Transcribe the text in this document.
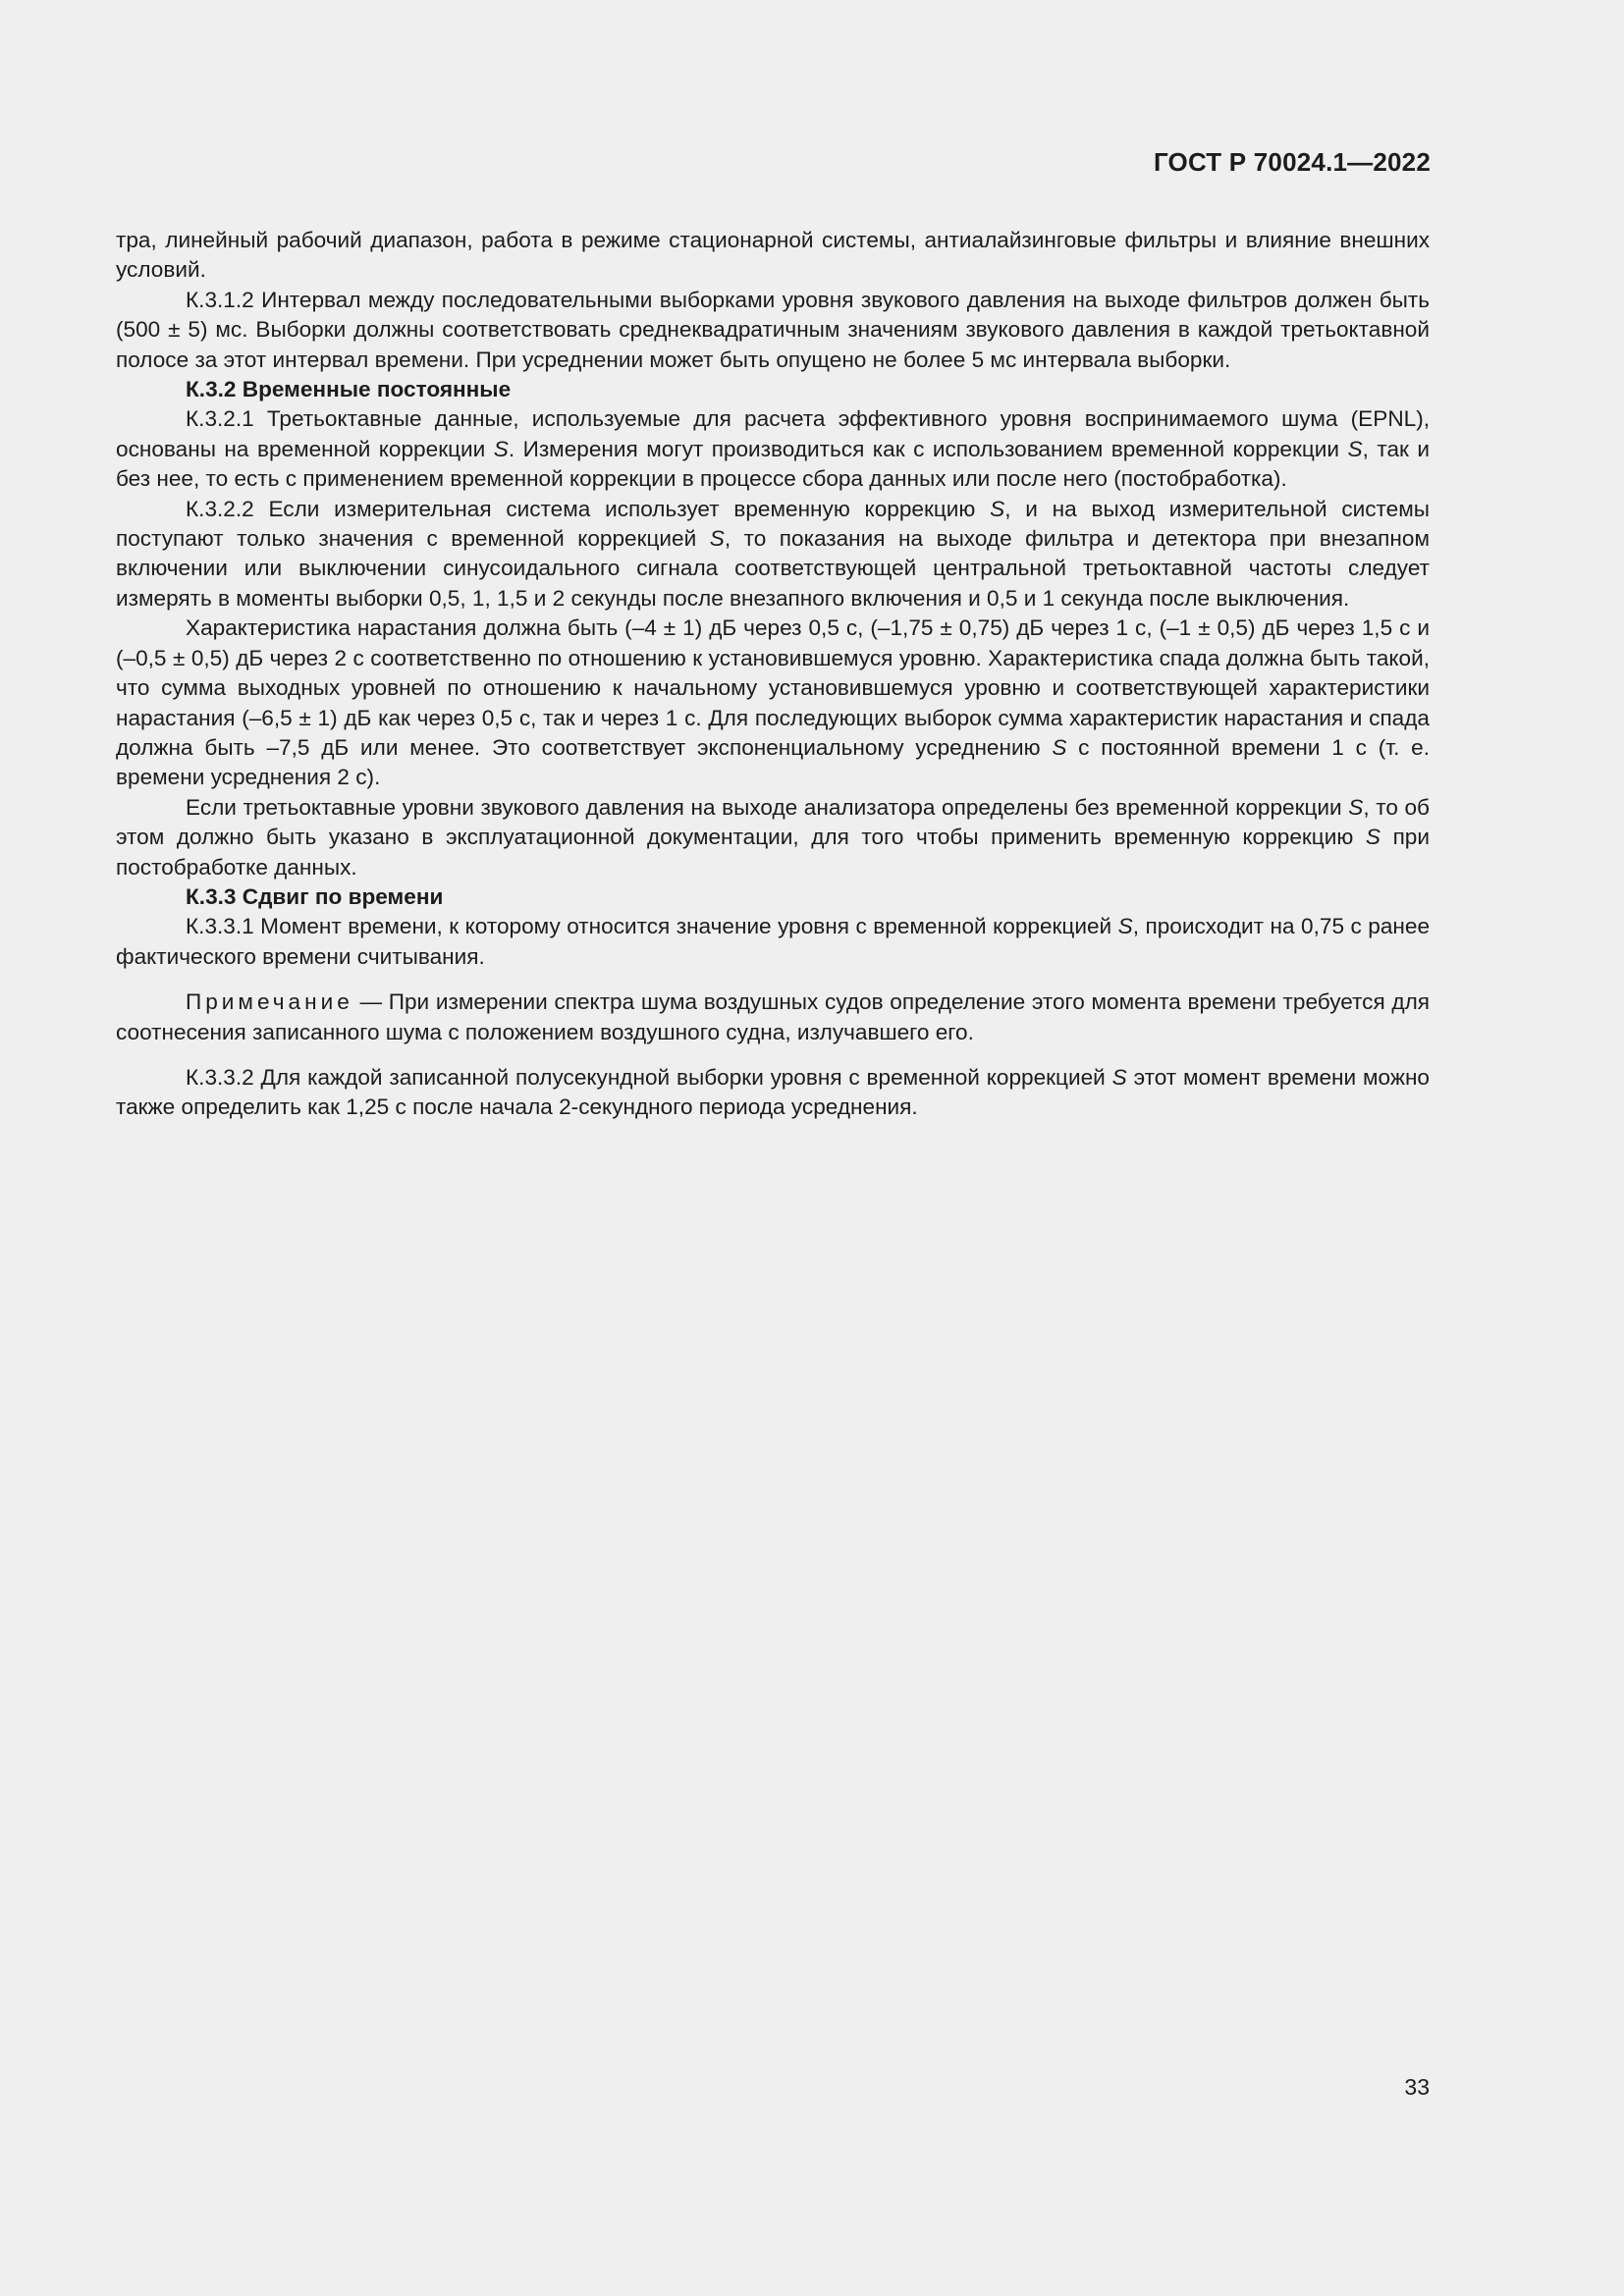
ГОСТ Р 70024.1—2022

тра, линейный рабочий диапазон, работа в режиме стационарной системы, антиалайзинговые фильтры и влияние внешних условий.

К.3.1.2 Интервал между последовательными выборками уровня звукового давления на выходе фильтров должен быть (500 ± 5) мс. Выборки должны соответствовать среднеквадратичным значениям звукового давления в каждой третьоктавной полосе за этот интервал времени. При усреднении может быть опущено не более 5 мс интервала выборки.

К.3.2 Временные постоянные

К.3.2.1 Третьоктавные данные, используемые для расчета эффективного уровня воспринимаемого шума (EPNL), основаны на временной коррекции S. Измерения могут производиться как с использованием временной коррекции S, так и без нее, то есть с применением временной коррекции в процессе сбора данных или после него (постобработка).

К.3.2.2 Если измерительная система использует временную коррекцию S, и на выход измерительной системы поступают только значения с временной коррекцией S, то показания на выходе фильтра и детектора при внезапном включении или выключении синусоидального сигнала соответствующей центральной третьоктавной частоты следует измерять в моменты выборки 0,5, 1, 1,5 и 2 секунды после внезапного включения и 0,5 и 1 секунда после выключения.

Характеристика нарастания должна быть (–4 ± 1) дБ через 0,5 с, (–1,75 ± 0,75) дБ через 1 с, (–1 ± 0,5) дБ через 1,5 с и (–0,5 ± 0,5) дБ через 2 с соответственно по отношению к установившемуся уровню. Характеристика спада должна быть такой, что сумма выходных уровней по отношению к начальному установившемуся уровню и соответствующей характеристики нарастания (–6,5 ± 1) дБ как через 0,5 с, так и через 1 с. Для последующих выборок сумма характеристик нарастания и спада должна быть –7,5 дБ или менее. Это соответствует экспоненциальному усреднению S с постоянной времени 1 с (т. е. времени усреднения 2 с).

Если третьоктавные уровни звукового давления на выходе анализатора определены без временной коррекции S, то об этом должно быть указано в эксплуатационной документации, для того чтобы применить временную коррекцию S при постобработке данных.

К.3.3 Сдвиг по времени

К.3.3.1 Момент времени, к которому относится значение уровня с временной коррекцией S, происходит на 0,75 с ранее фактического времени считывания.

Примечание — При измерении спектра шума воздушных судов определение этого момента времени требуется для соотнесения записанного шума с положением воздушного судна, излучавшего его.

К.3.3.2 Для каждой записанной полусекундной выборки уровня с временной коррекцией S этот момент времени можно также определить как 1,25 с после начала 2-секундного периода усреднения.

33
